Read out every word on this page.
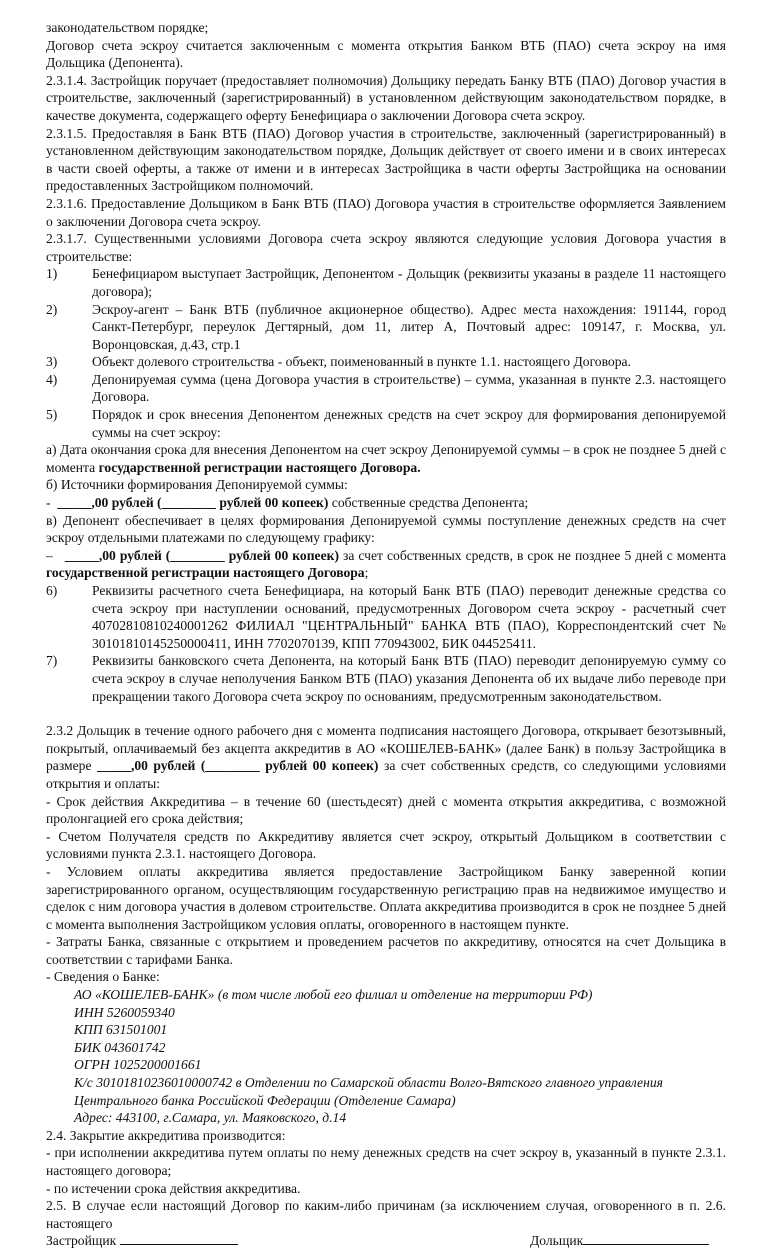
законодательством порядке;

Договор счета эскроу считается заключенным с момента открытия Банком ВТБ (ПАО) счета эскроу на имя Дольщика (Депонента).

2.3.1.4. Застройщик поручает (предоставляет полномочия) Дольщику передать Банку ВТБ (ПАО) Договор участия в строительстве, заключенный (зарегистрированный) в установленном действующим законодательством порядке, в качестве документа, содержащего оферту Бенефициара о заключении Договора счета эскроу.

2.3.1.5. Предоставляя в Банк ВТБ (ПАО) Договор участия в строительстве, заключенный (зарегистрированный) в установленном действующим законодательством порядке, Дольщик действует от своего имени и в своих интересах в части своей оферты, а также от имени и в интересах Застройщика в части оферты Застройщика на основании предоставленных Застройщиком полномочий.

2.3.1.6. Предоставление Дольщиком в Банк ВТБ (ПАО) Договора участия в строительстве оформляется Заявлением о заключении Договора счета эскроу.

2.3.1.7. Существенными условиями Договора счета эскроу являются следующие условия Договора участия в строительстве:

1)	Бенефициаром выступает Застройщик, Депонентом - Дольщик (реквизиты указаны в разделе 11 настоящего договора);
2)	Эскроу-агент – Банк ВТБ (публичное акционерное общество). Адрес места нахождения: 191144, город Санкт-Петербург, переулок Дегтярный, дом 11, литер А, Почтовый адрес: 109147, г. Москва, ул. Воронцовская, д.43, стр.1
3)	Объект долевого строительства - объект, поименованный в пункте 1.1. настоящего Договора.
4)	Депонируемая сумма (цена Договора участия в строительстве) – сумма, указанная в пункте 2.3. настоящего Договора.
5)	Порядок и срок внесения Депонентом денежных средств на счет эскроу для формирования депонируемой суммы на счет эскроу:

а) Дата окончания срока для внесения Депонентом на счет эскроу Депонируемой суммы – в срок не позднее 5 дней с момента государственной регистрации настоящего Договора.

б) Источники формирования Депонируемой суммы:

-  _____,00 рублей (________ рублей 00 копеек) собственные средства Депонента;

в) Депонент обеспечивает в целях формирования Депонируемой суммы поступление денежных средств на счет эскроу отдельными платежами по следующему графику:

–   _____,00 рублей (________ рублей 00 копеек) за счет собственных средств, в срок не позднее 5 дней с момента государственной регистрации настоящего Договора;

6)	Реквизиты расчетного счета Бенефициара, на который Банк ВТБ (ПАО) переводит денежные средства со счета эскроу при наступлении оснований, предусмотренных Договором счета эскроу - расчетный счет 40702810810240001262 ФИЛИАЛ "ЦЕНТРАЛЬНЫЙ" БАНКА ВТБ (ПАО), Корреспондентский счет № 30101810145250000411, ИНН 7702070139, КПП 770943002, БИК 044525411.
7)	Реквизиты банковского счета Депонента, на который Банк ВТБ (ПАО) переводит депонируемую сумму со счета эскроу в случае неполучения Банком ВТБ (ПАО) указания Депонента об их выдаче либо переводе при прекращении такого Договора счета эскроу по основаниям, предусмотренным законодательством.

2.3.2 Дольщик в течение одного рабочего дня с момента подписания настоящего Договора, открывает безотзывный, покрытый, оплачиваемый без акцепта аккредитив в АО «КОШЕЛЕВ-БАНК» (далее Банк) в пользу Застройщика в размере _____,00 рублей (________ рублей 00 копеек) за счет собственных средств, со следующими условиями открытия и оплаты:

- Срок действия Аккредитива – в течение 60 (шестьдесят) дней с момента открытия аккредитива, с возможной пролонгацией его срока действия;

- Счетом Получателя средств по Аккредитиву является счет эскроу, открытый Дольщиком в соответствии с условиями пункта 2.3.1. настоящего Договора.

- Условием оплаты аккредитива является предоставление Застройщиком Банку заверенной копии зарегистрированного органом, осуществляющим государственную регистрацию прав на недвижимое имущество и сделок с ним договора участия в долевом строительстве. Оплата аккредитива производится в срок не позднее 5 дней с момента выполнения Застройщиком условия оплаты, оговоренного в настоящем пункте.

- Затраты Банка, связанные с открытием и проведением расчетов по аккредитиву, относятся на счет Дольщика в соответствии с тарифами Банка.

- Сведения о Банке:

АО «КОШЕЛЕВ-БАНК» (в том числе любой его филиал и отделение на территории РФ)
ИНН 5260059340
КПП 631501001
БИК 043601742
ОГРН 1025200001661
К/с 30101810236010000742 в Отделении по Самарской области Волго-Вятского главного управления Центрального банка Российской Федерации (Отделение Самара)
Адрес: 443100, г.Самара, ул. Маяковского, д.14

2.4. Закрытие аккредитива производится:

- при исполнении аккредитива путем оплаты по нему денежных средств на счет эскроу в, указанный в пункте 2.3.1. настоящего договора;

- по истечении срока действия аккредитива.

2.5. В случае если настоящий Договор по каким-либо причинам (за исключением случая, оговоренного в п. 2.6. настоящего

Застройщик	Дольщик
